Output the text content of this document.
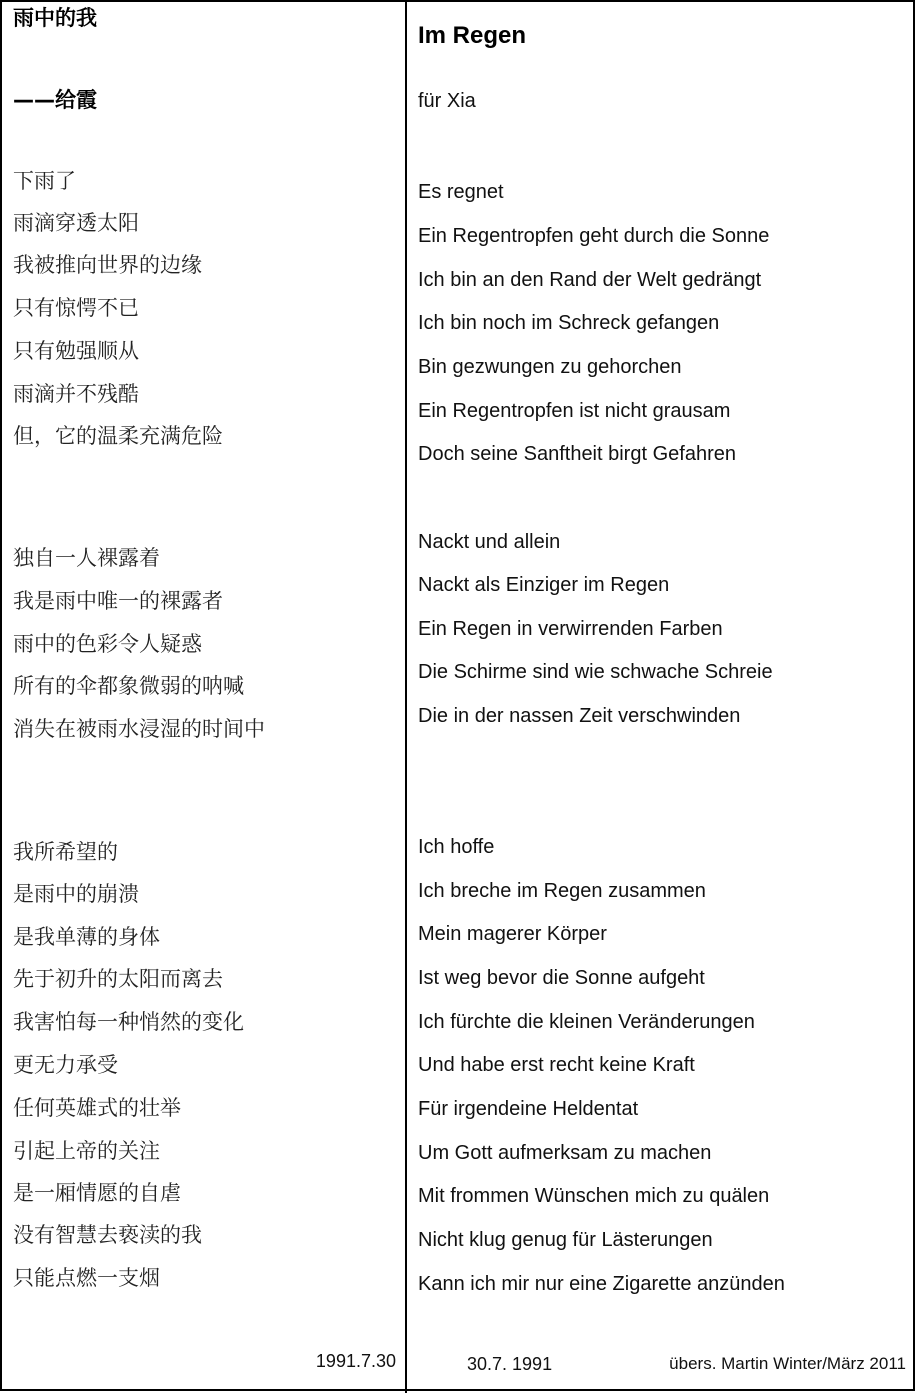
雨中的我
——给霞
下雨了
雨滴穿透太阳
我被推向世界的边缘
只有惊愕不已
只有勉强顺从
雨滴并不残酷
但，它的温柔充满危险
独自一人裸露着
我是雨中唯一的裸露者
雨中的色彩令人疑惑
所有的伞都象微弱的呐喊
消失在被雨水浸湿的时间中
我所希望的
是雨中的崩溃
是我单薄的身体
先于初升的太阳而离去
我害怕每一种悄然的变化
更无力承受
任何英雄式的壮举
引起上帝的关注
是一厢情愿的自虐
没有智慧去亵渎的我
只能点燃一支烟
1991.7.30
Im Regen
für Xia
Es regnet
Ein Regentropfen geht durch die Sonne
Ich bin an den Rand der Welt gedrängt
Ich bin noch im Schreck gefangen
Bin gezwungen zu gehorchen
Ein Regentropfen ist nicht grausam
Doch seine Sanftheit birgt Gefahren
Nackt und allein
Nackt als Einziger im Regen
Ein Regen in verwirrenden Farben
Die Schirme sind wie schwache Schreie
Die in der nassen Zeit verschwinden
Ich hoffe
Ich breche im Regen zusammen
Mein magerer Körper
Ist weg bevor die Sonne aufgeht
Ich fürchte die kleinen Veränderungen
Und habe erst recht keine Kraft
Für irgendeine Heldentat
Um Gott aufmerksam zu machen
Mit frommen Wünschen mich zu quälen
Nicht klug genug für Lästerungen
Kann ich mir nur eine Zigarette anzünden
30.7. 1991	übers. Martin Winter/März 2011
